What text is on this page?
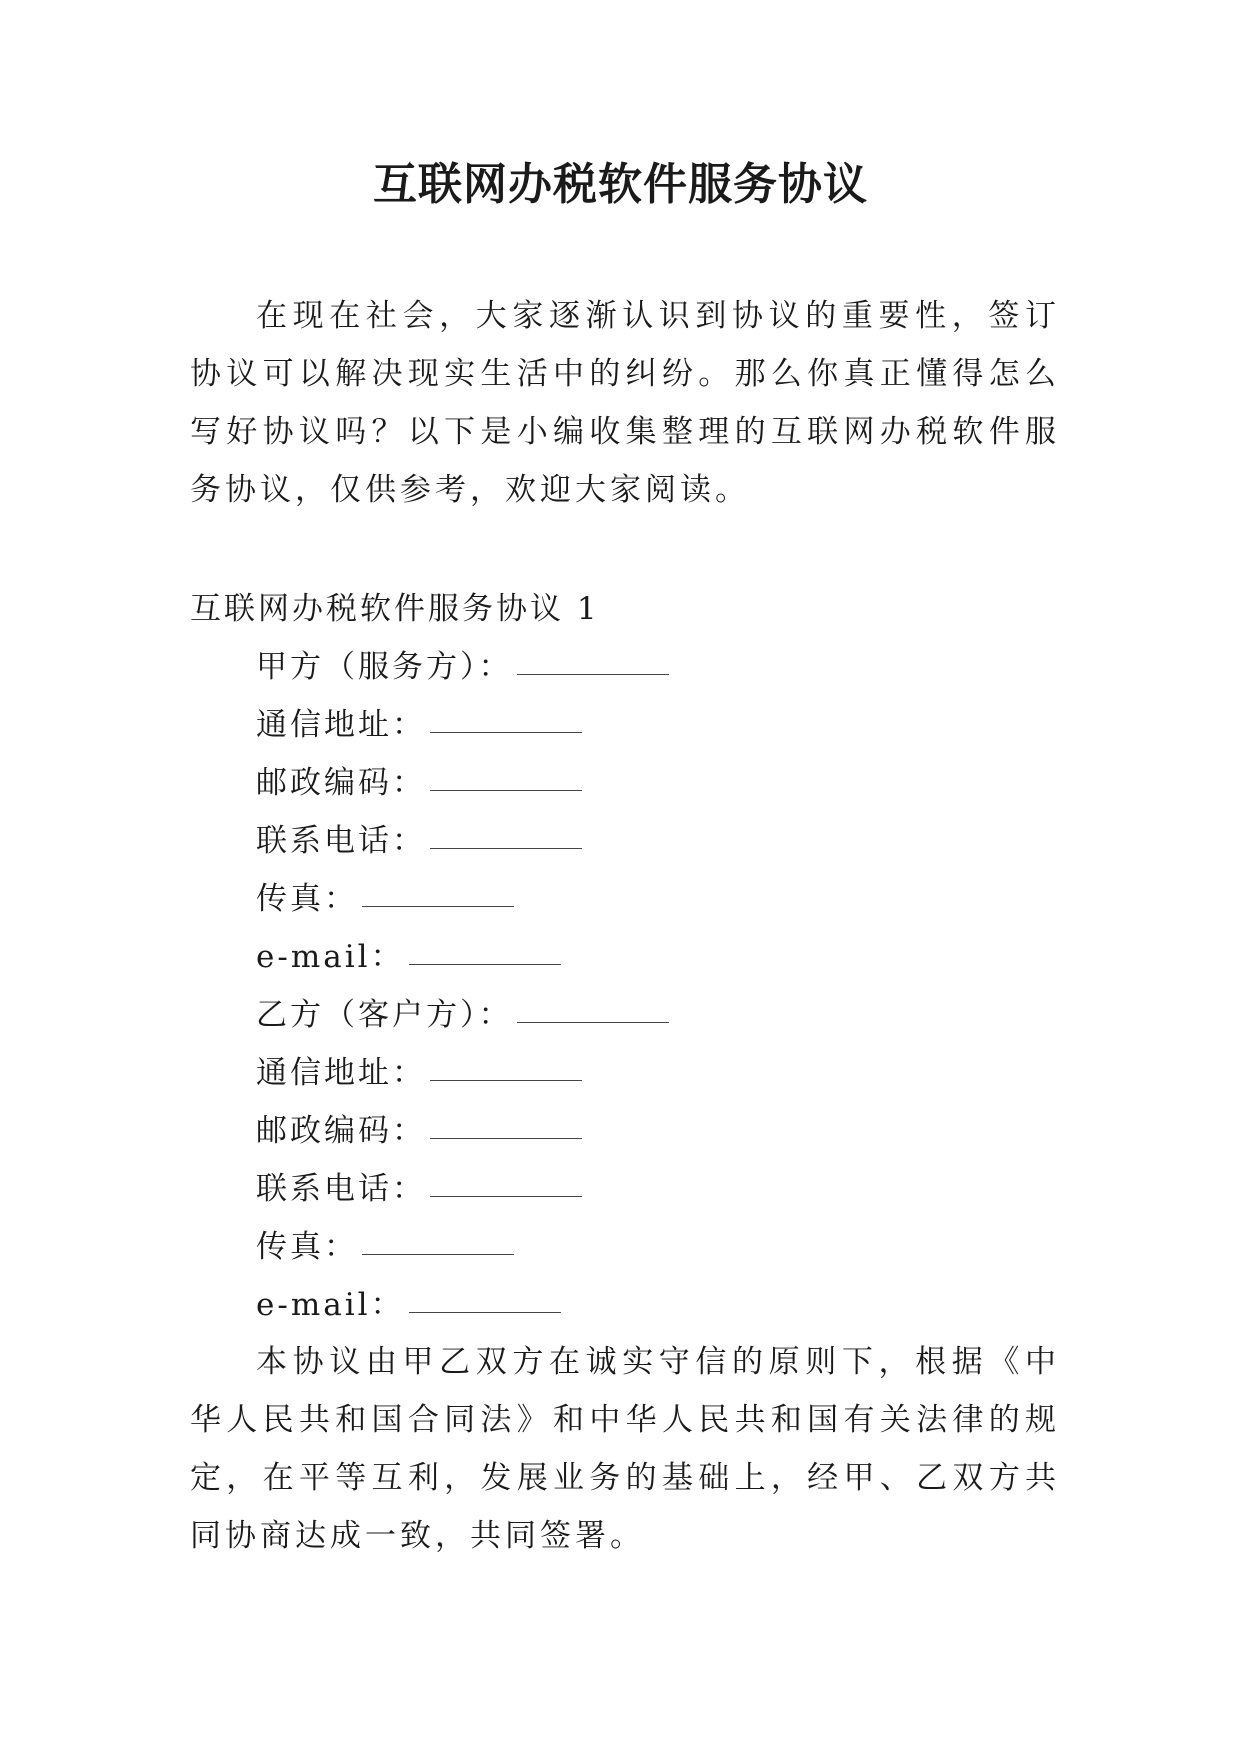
互联网办税软件服务协议

在现在社会，大家逐渐认识到协议的重要性，签订协议可以解决现实生活中的纠纷。那么你真正懂得怎么写好协议吗？以下是小编收集整理的互联网办税软件服务协议，仅供参考，欢迎大家阅读。

互联网办税软件服务协议 1
甲方（服务方）：
通信地址：
邮政编码：
联系电话：
传真：
e-mail：
乙方（客户方）：
通信地址：
邮政编码：
联系电话：
传真：
e-mail：

本协议由甲乙双方在诚实守信的原则下，根据《中华人民共和国合同法》和中华人民共和国有关法律的规定，在平等互利，发展业务的基础上，经甲、乙双方共同协商达成一致，共同签署。
